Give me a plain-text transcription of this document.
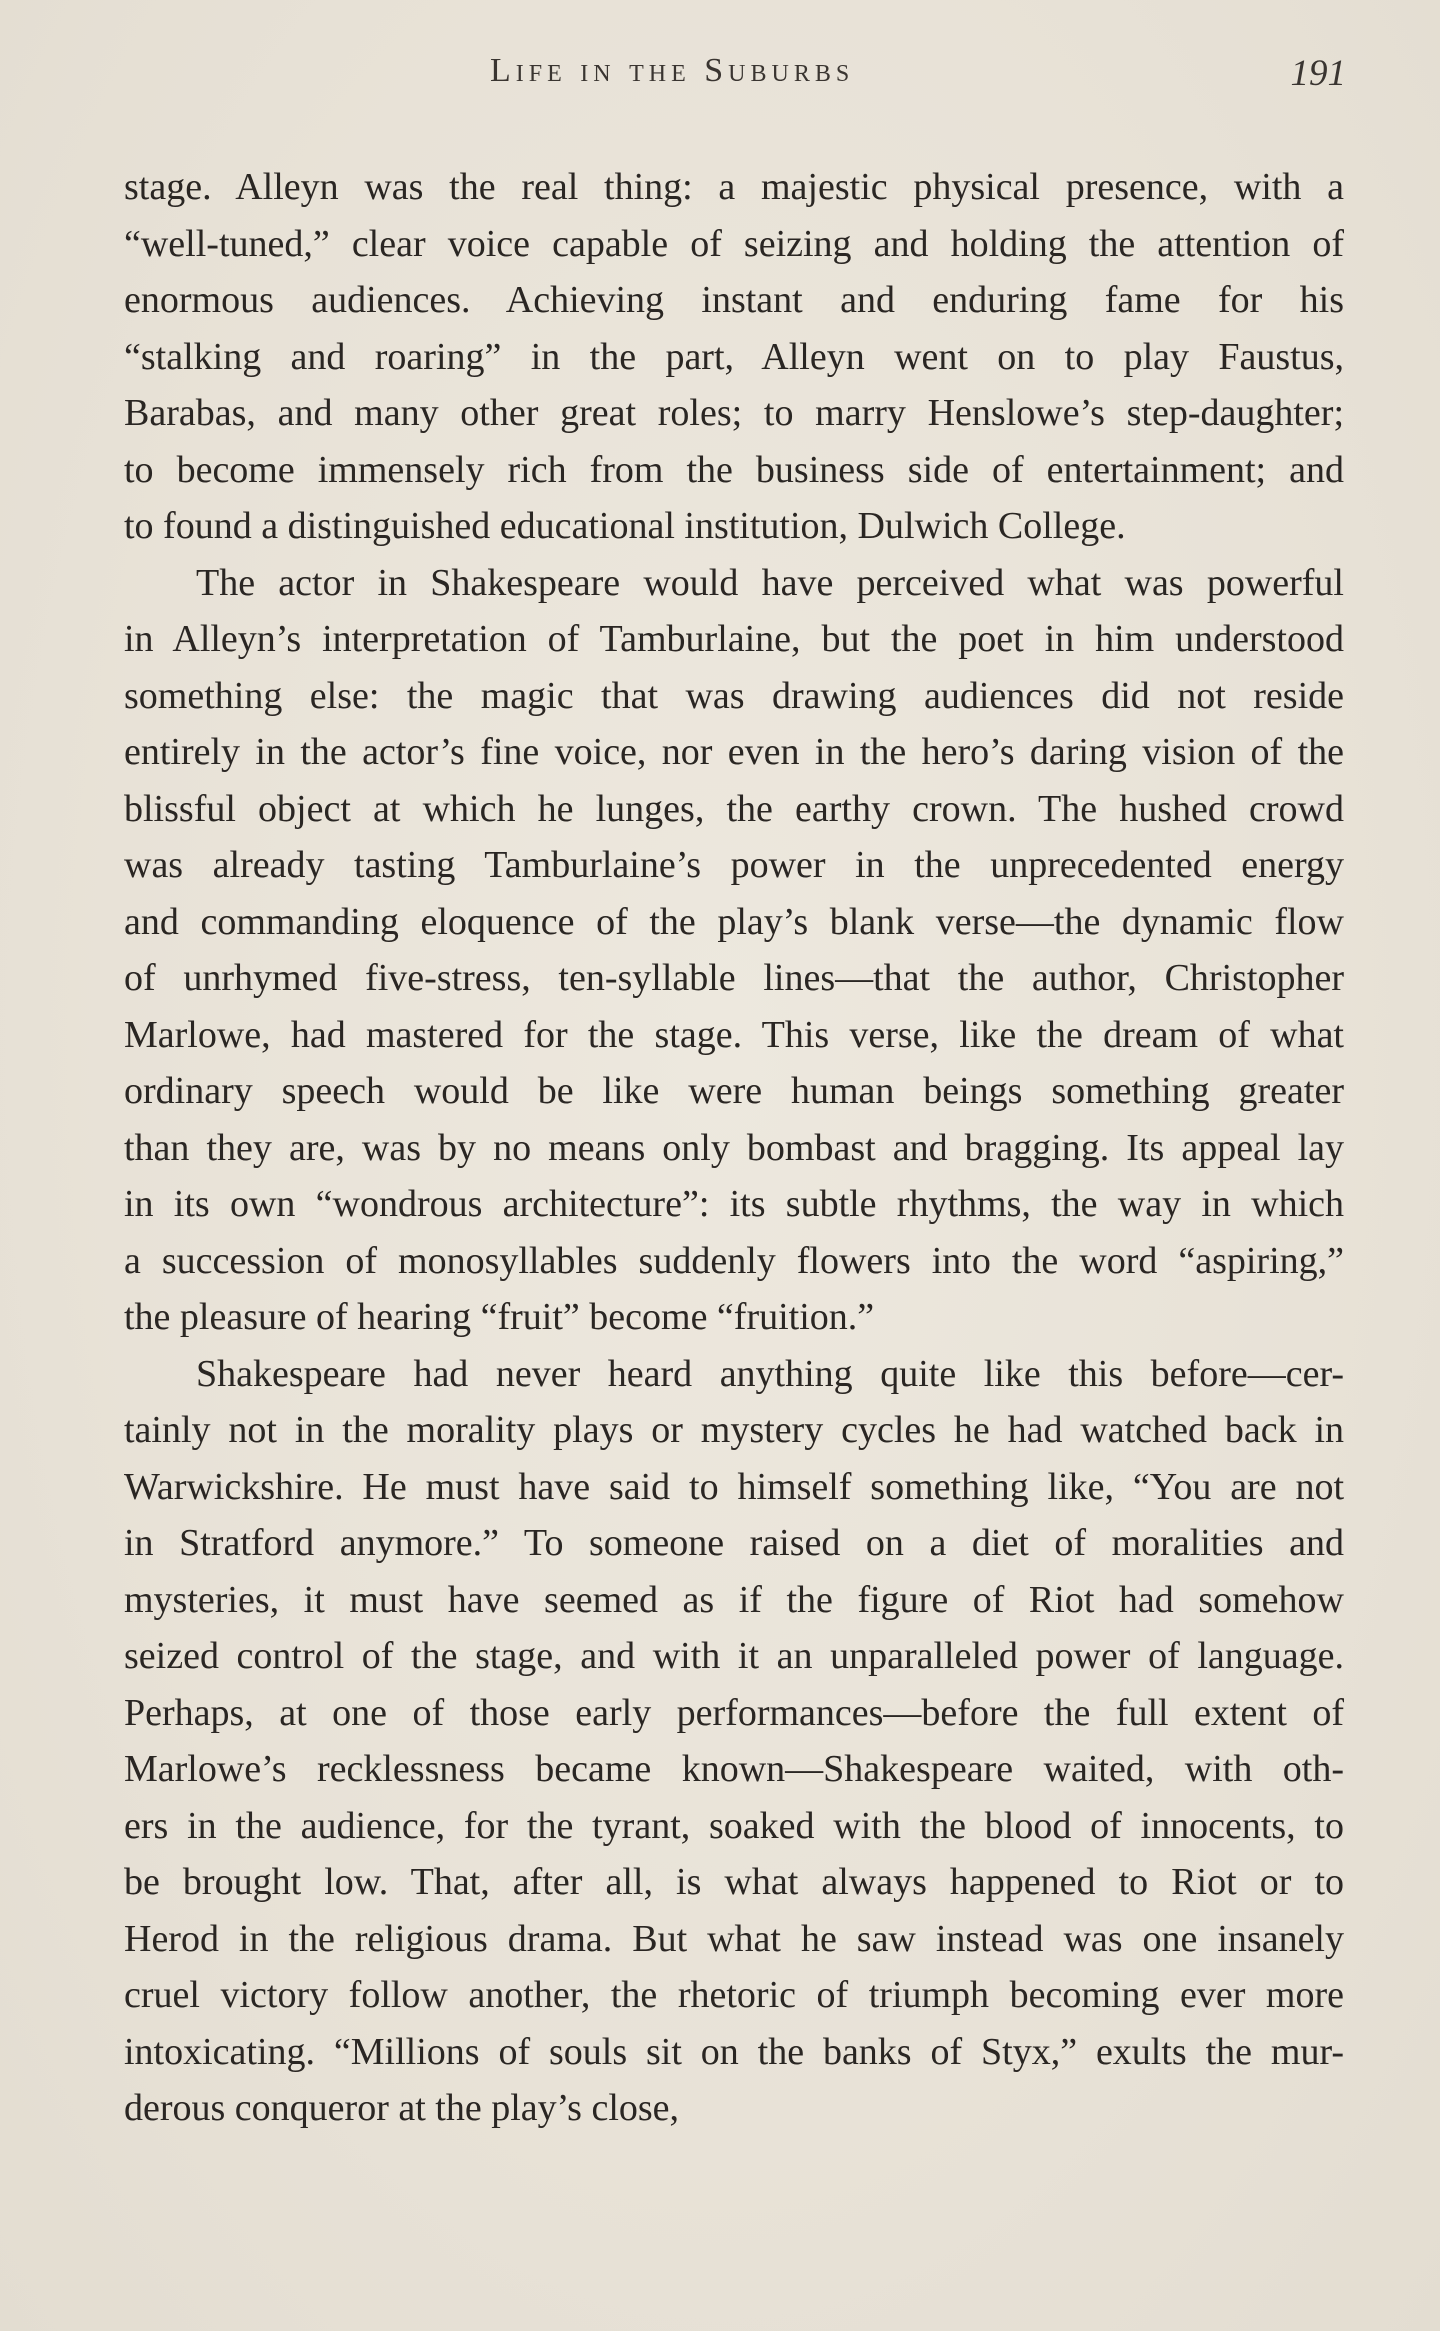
Life in the Suburbs	191
stage. Alleyn was the real thing: a majestic physical presence, with a
“well-tuned,” clear voice capable of seizing and holding the attention of
enormous audiences. Achieving instant and enduring fame for his
“stalking and roaring” in the part, Alleyn went on to play Faustus,
Barabas, and many other great roles; to marry Henslowe’s step-daughter;
to become immensely rich from the business side of entertainment; and
to found a distinguished educational institution, Dulwich College.
The actor in Shakespeare would have perceived what was powerful
in Alleyn’s interpretation of Tamburlaine, but the poet in him understood
something else: the magic that was drawing audiences did not reside
entirely in the actor’s fine voice, nor even in the hero’s daring vision of the
blissful object at which he lunges, the earthy crown. The hushed crowd
was already tasting Tamburlaine’s power in the unprecedented energy
and commanding eloquence of the play’s blank verse—the dynamic flow
of unrhymed five-stress, ten-syllable lines—that the author, Christopher
Marlowe, had mastered for the stage. This verse, like the dream of what
ordinary speech would be like were human beings something greater
than they are, was by no means only bombast and bragging. Its appeal lay
in its own “wondrous architecture”: its subtle rhythms, the way in which
a succession of monosyllables suddenly flowers into the word “aspiring,”
the pleasure of hearing “fruit” become “fruition.”
Shakespeare had never heard anything quite like this before—cer-
tainly not in the morality plays or mystery cycles he had watched back in
Warwickshire. He must have said to himself something like, “You are not
in Stratford anymore.” To someone raised on a diet of moralities and
mysteries, it must have seemed as if the figure of Riot had somehow
seized control of the stage, and with it an unparalleled power of language.
Perhaps, at one of those early performances—before the full extent of
Marlowe’s recklessness became known—Shakespeare waited, with oth-
ers in the audience, for the tyrant, soaked with the blood of innocents, to
be brought low. That, after all, is what always happened to Riot or to
Herod in the religious drama. But what he saw instead was one insanely
cruel victory follow another, the rhetoric of triumph becoming ever more
intoxicating. “Millions of souls sit on the banks of Styx,” exults the mur-
derous conqueror at the play’s close,
